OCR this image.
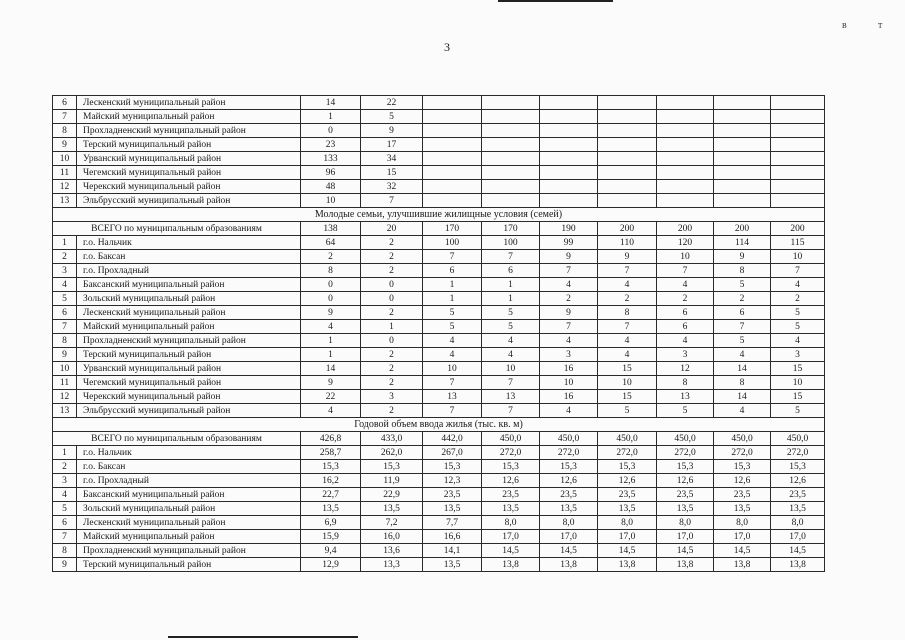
в	т
3
6	Лескенский муниципальный район	14	22							
7	Майский муниципальный район	1	5							
8	Прохладненский муниципальный район	0	9							
9	Терский муниципальный район	23	17							
10	Урванский муниципальный район	133	34							
11	Чегемский муниципальный район	96	15							
12	Черекский муниципальный район	48	32							
13	Эльбрусский муниципальный район	10	7							
Молодые семьи, улучшившие жилищные условия (семей)										
ВСЕГО по муниципальным образованиям		138	20	170	170	190	200	200	200	200
1	г.о. Нальчик	64	2	100	100	99	110	120	114	115
2	г.о. Баксан	2	2	7	7	9	9	10	9	10
3	г.о. Прохладный	8	2	6	6	7	7	7	8	7
4	Баксанский муниципальный район	0	0	1	1	4	4	4	5	4
5	Зольский муниципальный район	0	0	1	1	2	2	2	2	2
6	Лескенский муниципальный район	9	2	5	5	9	8	6	6	5
7	Майский муниципальный район	4	1	5	5	7	7	6	7	5
8	Прохладненский муниципальный район	1	0	4	4	4	4	4	5	4
9	Терский муниципальный район	1	2	4	4	3	4	3	4	3
10	Урванский муниципальный район	14	2	10	10	16	15	12	14	15
11	Чегемский муниципальный район	9	2	7	7	10	10	8	8	10
12	Черекский муниципальный район	22	3	13	13	16	15	13	14	15
13	Эльбрусский муниципальный район	4	2	7	7	4	5	5	4	5
Годовой объем ввода жилья (тыс. кв. м)										
ВСЕГО по муниципальным образованиям		426,8	433,0	442,0	450,0	450,0	450,0	450,0	450,0	450,0
1	г.о. Нальчик	258,7	262,0	267,0	272,0	272,0	272,0	272,0	272,0	272,0
2	г.о. Баксан	15,3	15,3	15,3	15,3	15,3	15,3	15,3	15,3	15,3
3	г.о. Прохладный	16,2	11,9	12,3	12,6	12,6	12,6	12,6	12,6	12,6
4	Баксанский муниципальный район	22,7	22,9	23,5	23,5	23,5	23,5	23,5	23,5	23,5
5	Зольский муниципальный район	13,5	13,5	13,5	13,5	13,5	13,5	13,5	13,5	13,5
6	Лескенский муниципальный район	6,9	7,2	7,7	8,0	8,0	8,0	8,0	8,0	8,0
7	Майский муниципальный район	15,9	16,0	16,6	17,0	17,0	17,0	17,0	17,0	17,0
8	Прохладненский муниципальный район	9,4	13,6	14,1	14,5	14,5	14,5	14,5	14,5	14,5
9	Терский муниципальный район	12,9	13,3	13,5	13,8	13,8	13,8	13,8	13,8	13,8
